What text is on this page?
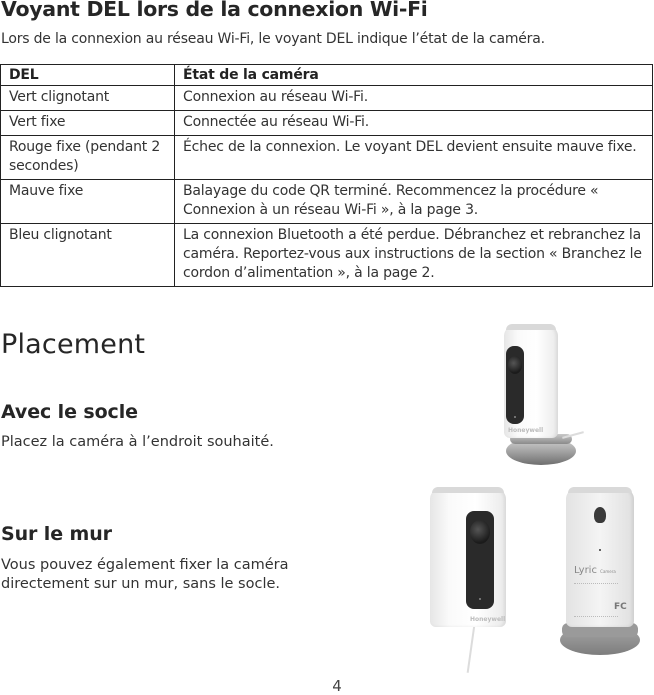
Voyant DEL lors de la connexion Wi-Fi
Lors de la connexion au réseau Wi-Fi, le voyant DEL indique l’état de la caméra.
DEL	État de la caméra
Vert clignotant	Connexion au réseau Wi-Fi.
Vert fixe	Connectée au réseau Wi-Fi.
Rouge fixe (pendant 2 secondes)	Échec de la connexion. Le voyant DEL devient ensuite mauve fixe.
Mauve fixe	Balayage du code QR terminé. Recommencez la procédure « Connexion à un réseau Wi-Fi », à la page 3.
Bleu clignotant	La connexion Bluetooth a été perdue. Débranchez et rebranchez la caméra. Reportez-vous aux instructions de la section « Branchez le cordon d’alimentation », à la page 2.
Placement
Avec le socle
Placez la caméra à l’endroit souhaité.
Sur le mur
Vous pouvez également fixer la caméra
directement sur un mur, sans le socle.
Honeywell
Honeywell
Lyric Camera
FC
4
